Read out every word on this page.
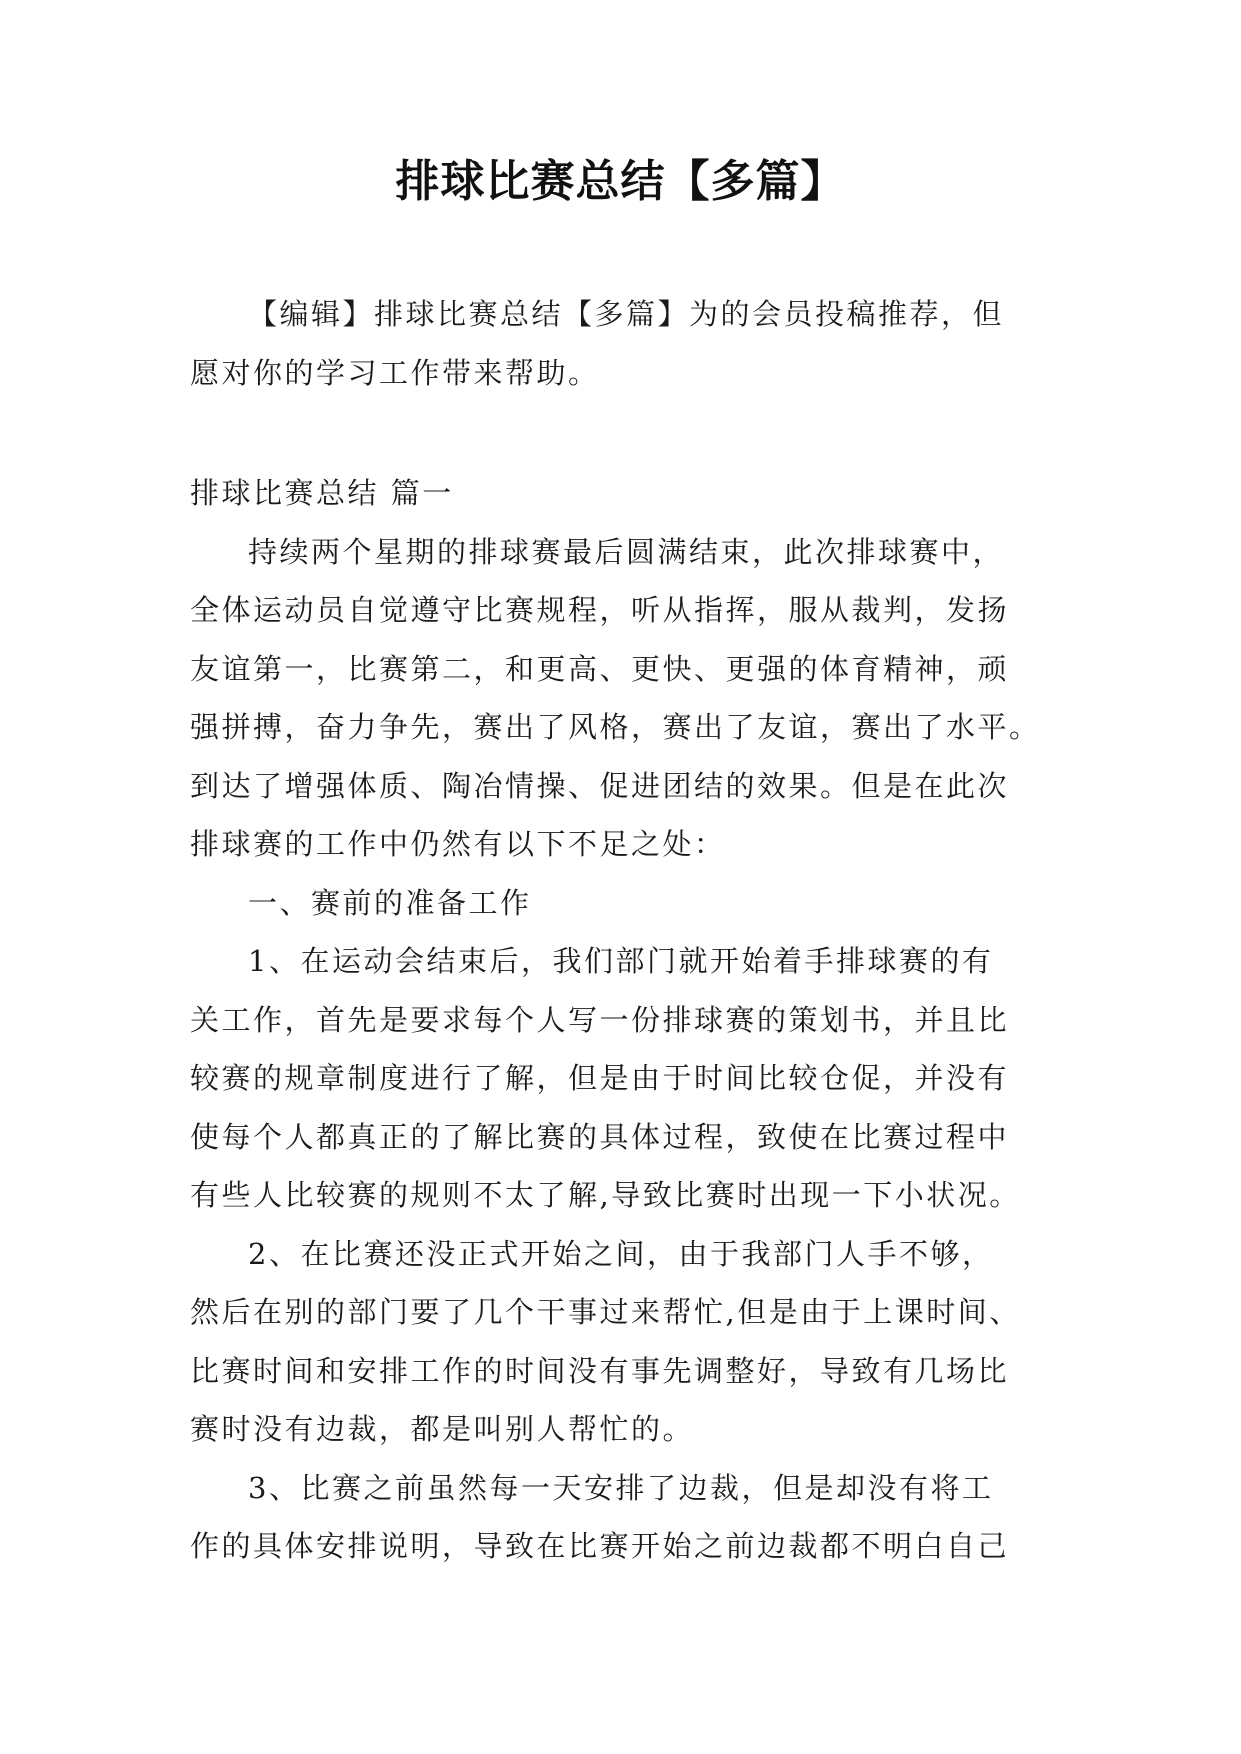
排球比赛总结【多篇】

【编辑】排球比赛总结【多篇】为的会员投稿推荐，但
愿对你的学习工作带来帮助。

排球比赛总结 篇一

持续两个星期的排球赛最后圆满结束，此次排球赛中，
全体运动员自觉遵守比赛规程，听从指挥，服从裁判，发扬
友谊第一，比赛第二，和更高、更快、更强的体育精神，顽
强拼搏，奋力争先，赛出了风格，赛出了友谊，赛出了水平。
到达了增强体质、陶冶情操、促进团结的效果。但是在此次
排球赛的工作中仍然有以下不足之处：

一、赛前的准备工作

1、在运动会结束后，我们部门就开始着手排球赛的有
关工作，首先是要求每个人写一份排球赛的策划书，并且比
较赛的规章制度进行了解，但是由于时间比较仓促，并没有
使每个人都真正的了解比赛的具体过程，致使在比赛过程中
有些人比较赛的规则不太了解,导致比赛时出现一下小状况。

2、在比赛还没正式开始之间，由于我部门人手不够，
然后在别的部门要了几个干事过来帮忙,但是由于上课时间、
比赛时间和安排工作的时间没有事先调整好，导致有几场比
赛时没有边裁，都是叫别人帮忙的。

3、比赛之前虽然每一天安排了边裁，但是却没有将工
作的具体安排说明，导致在比赛开始之前边裁都不明白自己
